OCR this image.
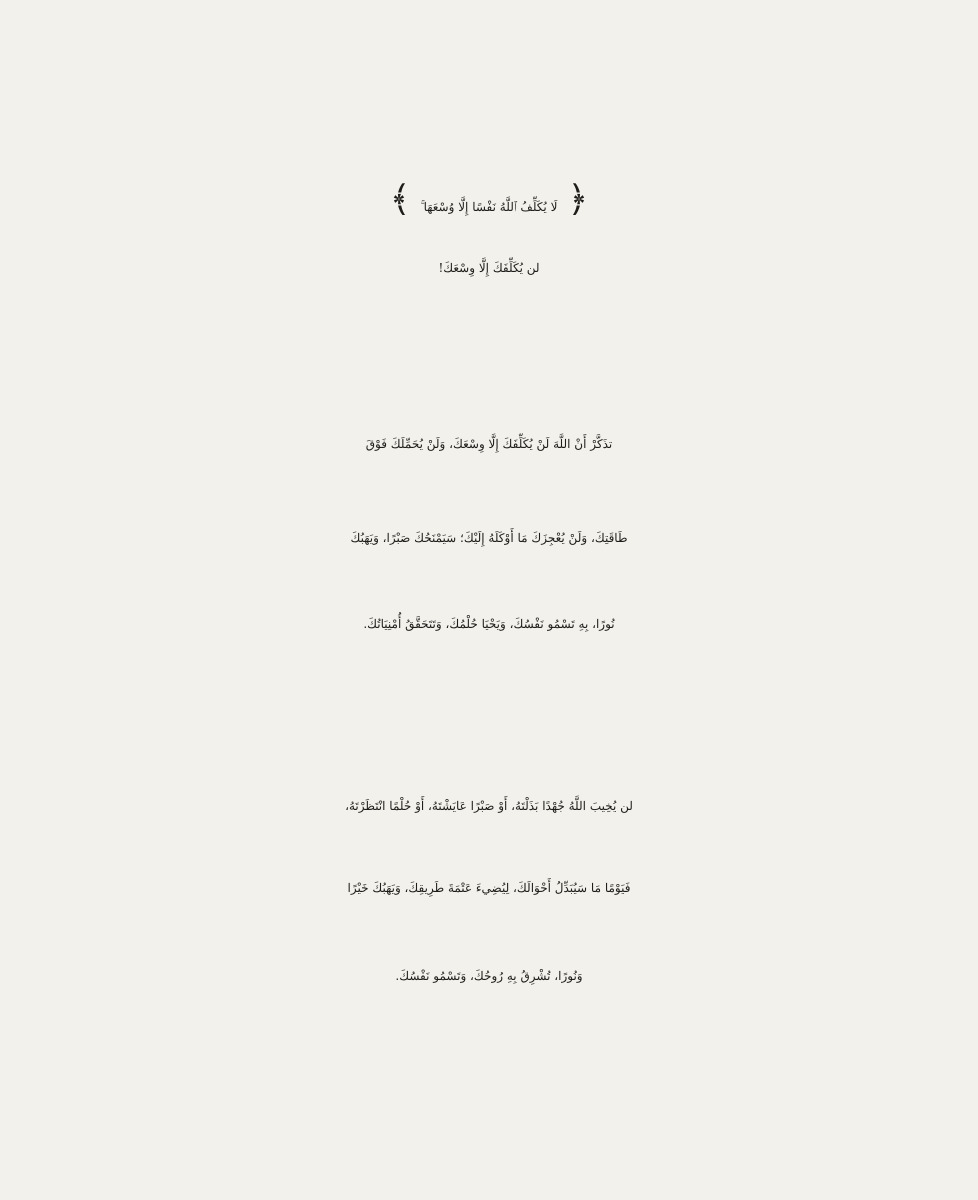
﴿ لَا يُكَلِّفُ ٱللَّهُ نَفْسًا إِلَّا وُسْعَهَا ۚ ﴾
لن يُكَلِّفَكَ إِلَّا وِسْعَكَ!
تذَكَّرْ أَنْ اللَّهَ لَنْ يُكَلِّفَكَ إِلَّا وِسْعَكَ، وَلَنْ يُحَمِّلَكَ فَوْقَ
طَاقَتِكَ، وَلَنْ يُعْجِزَكَ مَا أَوْكَلَهُ إِلَيْكَ؛ سَيَمْنَحُكَ صَبْرًا، وَيَهَبُكَ
نُورًا، بِهِ تَسْمُو نَفْسُكَ، وَيَحْيَا حُلْمُكَ، وَتَتَحَقَّقُ أُمْنِيَاتُكَ.
لن يُخِيبَ اللَّهُ جُهْدًا بَذَلْتَهُ، أَوْ صَبْرًا عَايَشْتَهُ، أَوْ حُلْمًا انْتَظَرْتَهُ،
فَيَوْمًا مَا سَيُبَدِّلُ أَحْوَالَكَ، لِيُضِيءَ عَتْمَةَ طَرِيقِكَ، وَيَهَبُكَ خَيْرًا
وَنُورًا، تُشْرِقُ بِهِ رُوحُكَ، وَتَسْمُو نَفْسُكَ.
